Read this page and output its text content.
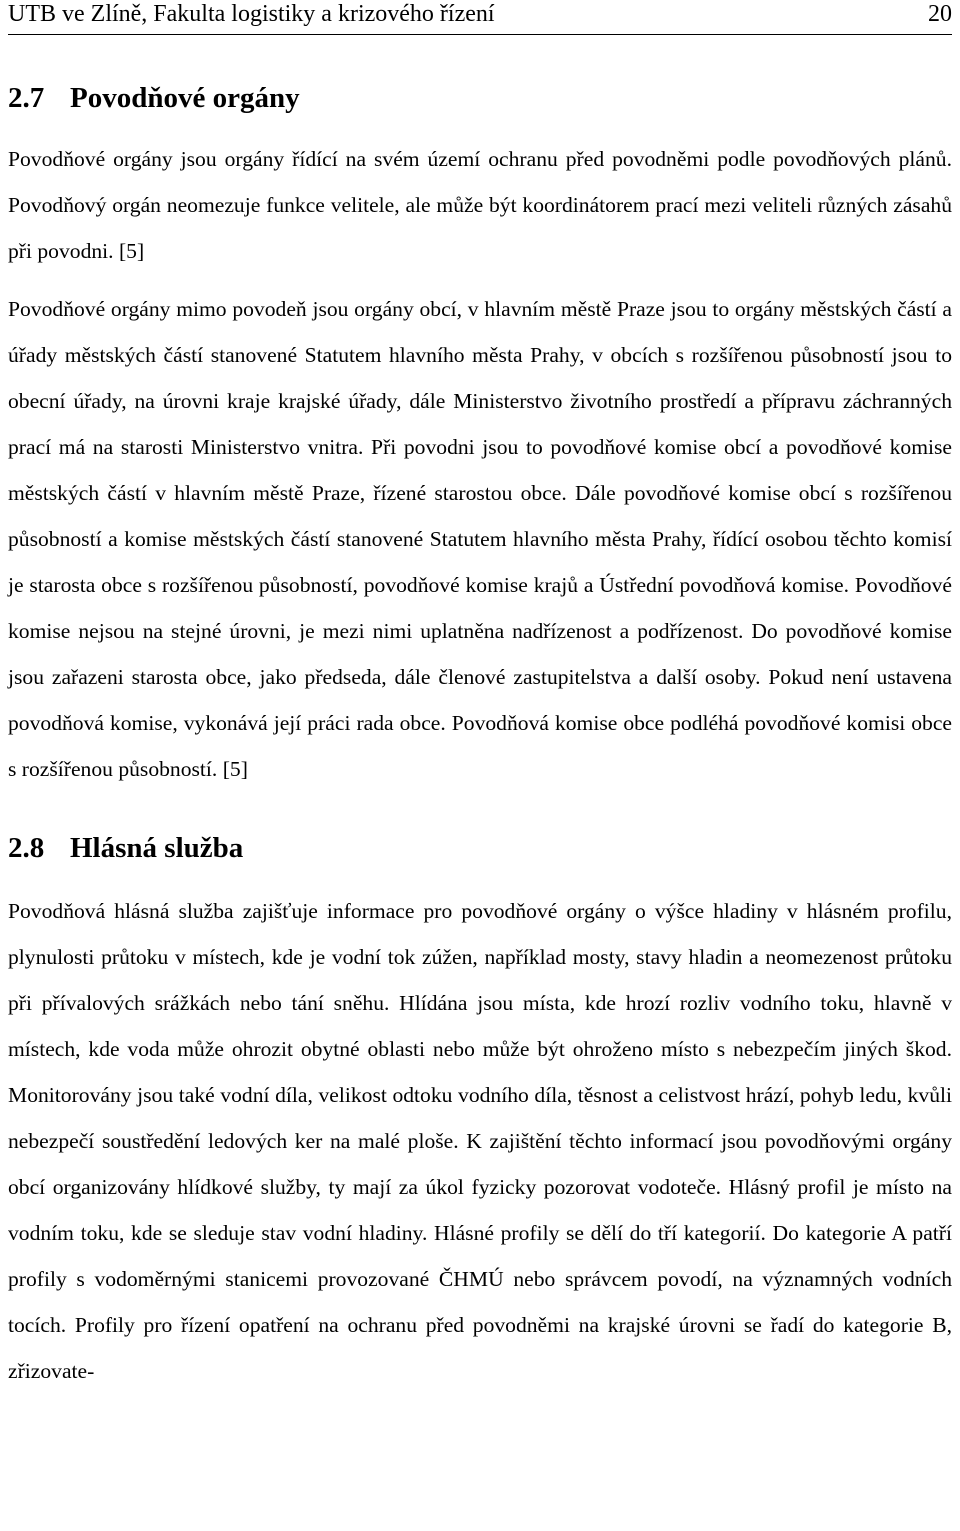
UTB ve Zlíně, Fakulta logistiky a krizového řízení	20
2.7 Povodňové orgány

Povodňové orgány jsou orgány řídící na svém území ochranu před povodněmi podle povodňových plánů. Povodňový orgán neomezuje funkce velitele, ale může být koordinátorem prací mezi veliteli různých zásahů při povodni. [5]

Povodňové orgány mimo povodeň jsou orgány obcí, v hlavním městě Praze jsou to orgány městských částí a úřady městských částí stanovené Statutem hlavního města Prahy, v obcích s rozšířenou působností jsou to obecní úřady, na úrovni kraje krajské úřady, dále Ministerstvo životního prostředí a přípravu záchranných prací má na starosti Ministerstvo vnitra. Při povodni jsou to povodňové komise obcí a povodňové komise městských částí v hlavním městě Praze, řízené starostou obce. Dále povodňové komise obcí s rozšířenou působností a komise městských částí stanovené Statutem hlavního města Prahy, řídící osobou těchto komisí je starosta obce s rozšířenou působností, povodňové komise krajů a Ústřední povodňová komise. Povodňové komise nejsou na stejné úrovni, je mezi nimi uplatněna nadřízenost a podřízenost. Do povodňové komise jsou zařazeni starosta obce, jako předseda, dále členové zastupitelstva a další osoby. Pokud není ustavena povodňová komise, vykonává její práci rada obce. Povodňová komise obce podléhá povodňové komisi obce s rozšířenou působností. [5]

2.8 Hlásná služba

Povodňová hlásná služba zajišťuje informace pro povodňové orgány o výšce hladiny v hlásném profilu, plynulosti průtoku v místech, kde je vodní tok zúžen, například mosty, stavy hladin a neomezenost průtoku při přívalových srážkách nebo tání sněhu. Hlídána jsou místa, kde hrozí rozliv vodního toku, hlavně v místech, kde voda může ohrozit obytné oblasti nebo může být ohroženo místo s nebezpečím jiných škod. Monitorovány jsou také vodní díla, velikost odtoku vodního díla, těsnost a celistvost hrází, pohyb ledu, kvůli nebezpečí soustředění ledových ker na malé ploše. K zajištění těchto informací jsou povodňovými orgány obcí organizovány hlídkové služby, ty mají za úkol fyzicky pozorovat vodoteče. Hlásný profil je místo na vodním toku, kde se sleduje stav vodní hladiny. Hlásné profily se dělí do tří kategorií. Do kategorie A patří profily s vodoměrnými stanicemi provozované ČHMÚ nebo správcem povodí, na významných vodních tocích. Profily pro řízení opatření na ochranu před povodněmi na krajské úrovni se řadí do kategorie B, zřizovate-
